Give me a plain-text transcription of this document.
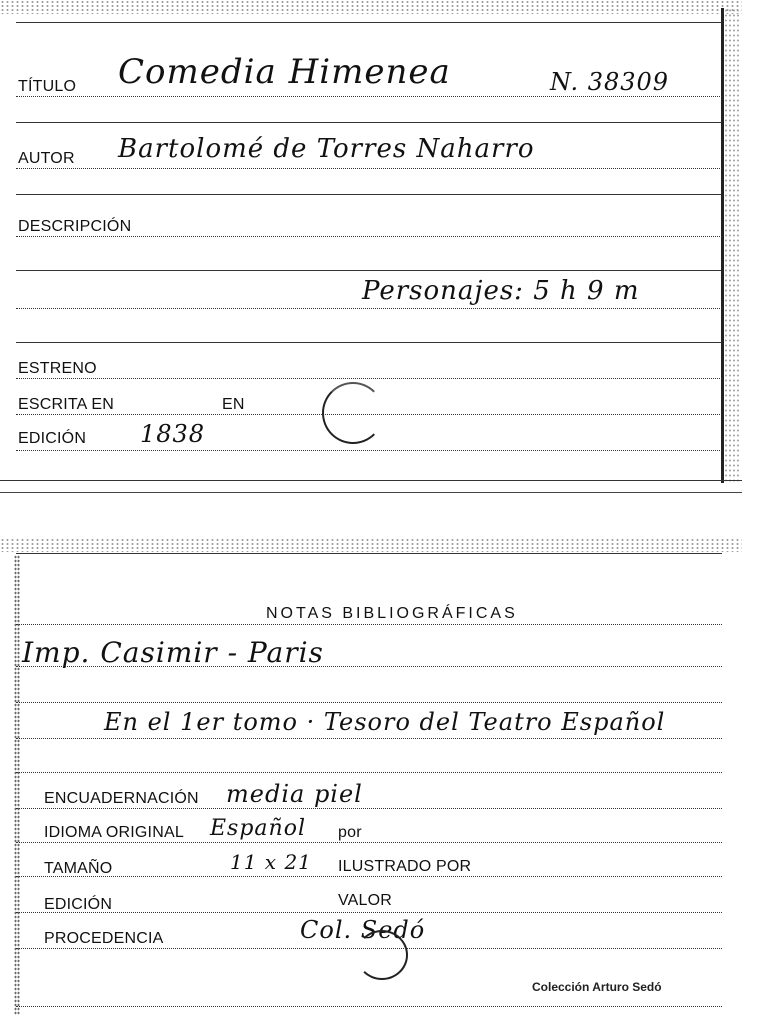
TÍTULO Comedia Himenea	N. 38309
AUTOR Bartolomé de Torres Naharro
DESCRIPCIÓN
Personajes: 5 h 9 m
ESTRENO
ESCRITA EN	EN
EDICIÓN 1838
NOTAS BIBLIOGRÁFICAS
Imp. Casimir - Paris
En el 1er tomo · Tesoro del Teatro Español
ENCUADERNACIÓN media piel
IDIOMA ORIGINAL Español por
TAMAÑO	11 x 21 ILUSTRADO POR
EDICIÓN	VALOR
PROCEDENCIA	Col. Sedó
Colección Arturo Sedó
